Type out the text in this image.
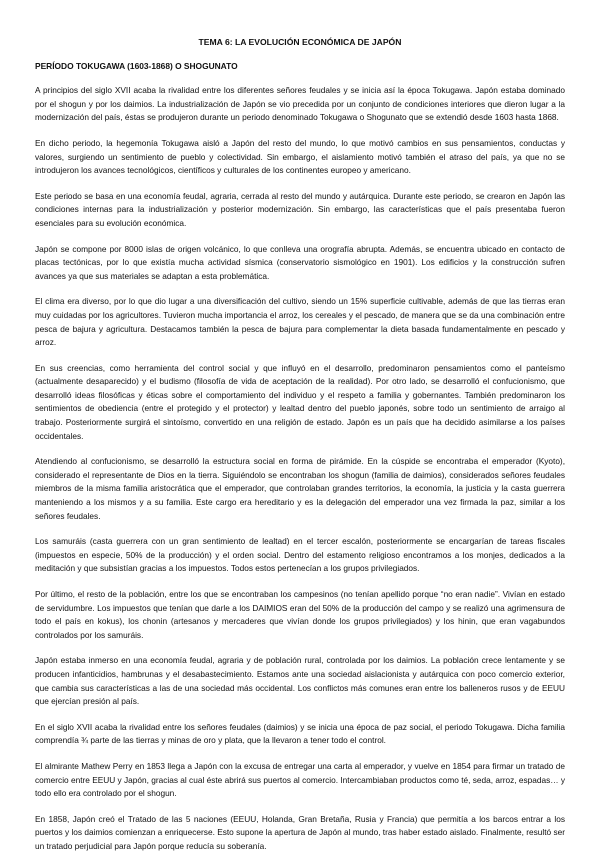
TEMA 6: LA EVOLUCIÓN ECONÓMICA DE JAPÓN
PERÍODO TOKUGAWA (1603-1868) O SHOGUNATO

A principios del siglo XVII acaba la rivalidad entre los diferentes señores feudales y se inicia así la época Tokugawa. Japón estaba dominado por el shogun y por los daimios. La industrialización de Japón se vio precedida por un conjunto de condiciones interiores que dieron lugar a la modernización del país, éstas se produjeron durante un periodo denominado Tokugawa o Shogunato que se extendió desde 1603 hasta 1868.

En dicho periodo, la hegemonía Tokugawa aisló a Japón del resto del mundo, lo que motivó cambios en sus pensamientos, conductas y valores, surgiendo un sentimiento de pueblo y colectividad. Sin embargo, el aislamiento motivó también el atraso del país, ya que no se introdujeron los avances tecnológicos, científicos y culturales de los continentes europeo y americano.

Este periodo se basa en una economía feudal, agraria, cerrada al resto del mundo y autárquica. Durante este periodo, se crearon en Japón las condiciones internas para la industrialización y posterior modernización. Sin embargo, las características que el país presentaba fueron esenciales para su evolución económica.

Japón se compone por 8000 islas de origen volcánico, lo que conlleva una orografía abrupta. Además, se encuentra ubicado en contacto de placas tectónicas, por lo que existía mucha actividad sísmica (conservatorio sismológico en 1901). Los edificios y la construcción sufren avances ya que sus materiales se adaptan a esta problemática.

El clima era diverso, por lo que dio lugar a una diversificación del cultivo, siendo un 15% superficie cultivable, además de que las tierras eran muy cuidadas por los agricultores. Tuvieron mucha importancia el arroz, los cereales y el pescado, de manera que se da una combinación entre pesca de bajura y agricultura. Destacamos también la pesca de bajura para complementar la dieta basada fundamentalmente en pescado y arroz.

En sus creencias, como herramienta del control social y que influyó en el desarrollo, predominaron pensamientos como el panteísmo (actualmente desaparecido) y el budismo (filosofía de vida de aceptación de la realidad). Por otro lado, se desarrolló el confucionismo, que desarrolló ideas filosóficas y éticas sobre el comportamiento del individuo y el respeto a familia y gobernantes. También predominaron los sentimientos de obediencia (entre el protegido y el protector) y lealtad dentro del pueblo japonés, sobre todo un sentimiento de arraigo al trabajo. Posteriormente surgirá el sintoísmo, convertido en una religión de estado. Japón es un país que ha decidido asimilarse a los países occidentales.

Atendiendo al confucionismo, se desarrolló la estructura social en forma de pirámide. En la cúspide se encontraba el emperador (Kyoto), considerado el representante de Dios en la tierra. Siguiéndolo se encontraban los shogun (familia de daimios), considerados señores feudales miembros de la misma familia aristocrática que el emperador, que controlaban grandes territorios, la economía, la justicia y la casta guerrera manteniendo a los mismos y a su familia. Este cargo era hereditario y es la delegación del emperador una vez firmada la paz, similar a los señores feudales.

Los samuráis (casta guerrera con un gran sentimiento de lealtad) en el tercer escalón, posteriormente se encargarían de tareas fiscales (impuestos en especie, 50% de la producción) y el orden social. Dentro del estamento religioso encontramos a los monjes, dedicados a la meditación y que subsistían gracias a los impuestos. Todos estos pertenecían a los grupos privilegiados.

Por último, el resto de la población, entre los que se encontraban los campesinos (no tenían apellido porque “no eran nadie”. Vivían en estado de servidumbre. Los impuestos que tenían que darle a los DAIMIOS eran del 50% de la producción del campo y se realizó una agrimensura de todo el país en kokus), los chonin (artesanos y mercaderes que vivían donde los grupos privilegiados) y los hinin, que eran vagabundos controlados por los samuráis.

Japón estaba inmerso en una economía feudal, agraria y de población rural, controlada por los daimios. La población crece lentamente y se producen infanticidios, hambrunas y el desabastecimiento. Estamos ante una sociedad aislacionista y autárquica con poco comercio exterior, que cambia sus características a las de una sociedad más occidental. Los conflictos más comunes eran entre los balleneros rusos y de EEUU que ejercían presión al país.

En el siglo XVII acaba la rivalidad entre los señores feudales (daimios) y se inicia una época de paz social, el periodo Tokugawa. Dicha familia comprendía ¾ parte de las tierras y minas de oro y plata, que la llevaron a tener todo el control.

El almirante Mathew Perry en 1853 llega a Japón con la excusa de entregar una carta al emperador, y vuelve en 1854 para firmar un tratado de comercio entre EEUU y Japón, gracias al cual éste abrirá sus puertos al comercio. Intercambiaban productos como té, seda, arroz, espadas… y todo ello era controlado por el shogun.

En 1858, Japón creó el Tratado de las 5 naciones (EEUU, Holanda, Gran Bretaña, Rusia y Francia) que permitía a los barcos entrar a los puertos y los daimios comienzan a enriquecerse. Esto supone la apertura de Japón al mundo, tras haber estado aislado. Finalmente, resultó ser un tratado perjudicial para Japón porque reducía su soberanía.
